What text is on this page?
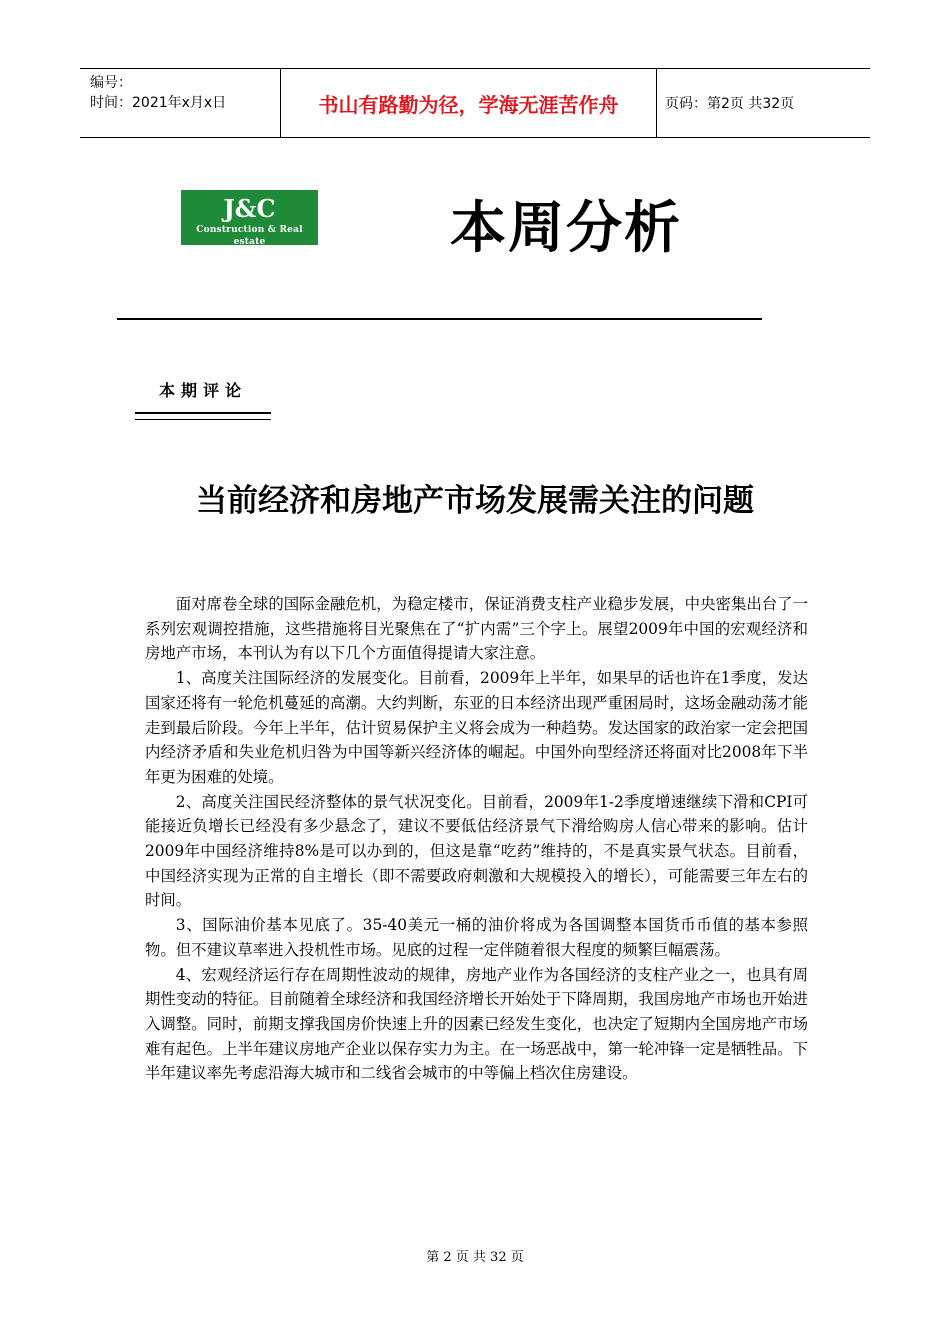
编号：
时间：2021年x月x日	书山有路勤为径，学海无涯苦作舟	页码：第2页 共32页
J&C
Construction & Real estate	本周分析
本期评论
当前经济和房地产市场发展需关注的问题

面对席卷全球的国际金融危机，为稳定楼市，保证消费支柱产业稳步发展，中央密集出台了一系列宏观调控措施，这些措施将目光聚焦在了“扩内需”三个字上。展望2009年中国的宏观经济和房地产市场，本刊认为有以下几个方面值得提请大家注意。

1、高度关注国际经济的发展变化。目前看，2009年上半年，如果早的话也许在1季度，发达国家还将有一轮危机蔓延的高潮。大约判断，东亚的日本经济出现严重困局时，这场金融动荡才能走到最后阶段。今年上半年，估计贸易保护主义将会成为一种趋势。发达国家的政治家一定会把国内经济矛盾和失业危机归咎为中国等新兴经济体的崛起。中国外向型经济还将面对比2008年下半年更为困难的处境。

2、高度关注国民经济整体的景气状况变化。目前看，2009年1-2季度增速继续下滑和CPI可能接近负增长已经没有多少悬念了，建议不要低估经济景气下滑给购房人信心带来的影响。估计2009年中国经济维持8%是可以办到的，但这是靠“吃药”维持的，不是真实景气状态。目前看，中国经济实现为正常的自主增长（即不需要政府刺激和大规模投入的增长），可能需要三年左右的时间。

3、国际油价基本见底了。35-40美元一桶的油价将成为各国调整本国货币币值的基本参照物。但不建议草率进入投机性市场。见底的过程一定伴随着很大程度的频繁巨幅震荡。

4、宏观经济运行存在周期性波动的规律，房地产业作为各国经济的支柱产业之一，也具有周期性变动的特征。目前随着全球经济和我国经济增长开始处于下降周期，我国房地产市场也开始进入调整。同时，前期支撑我国房价快速上升的因素已经发生变化，也决定了短期内全国房地产市场难有起色。上半年建议房地产企业以保存实力为主。在一场恶战中，第一轮冲锋一定是牺牲品。下半年建议率先考虑沿海大城市和二线省会城市的中等偏上档次住房建设。

第 2 页 共 32 页
